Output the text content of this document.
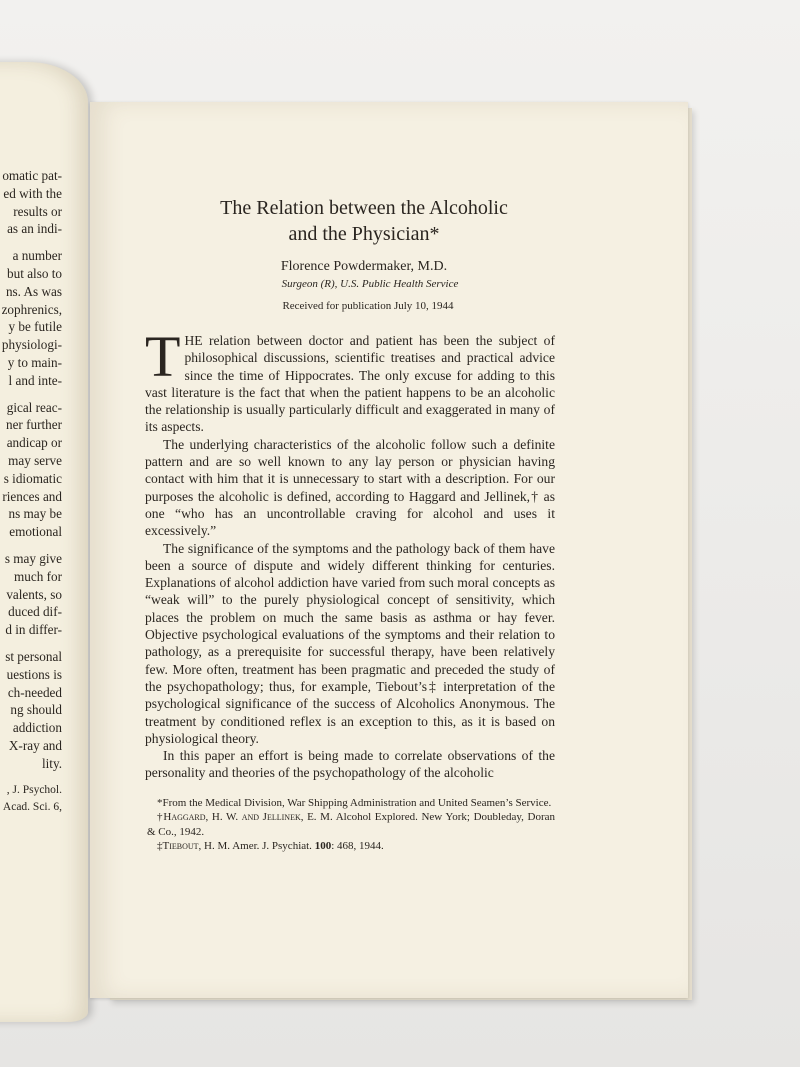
omatic pat-
ed with the
results or
as an indi-
a number
but also to
ns. As was
zophrenics,
y be futile
physiologi-
y to main-
l and inte-
gical reac-
ner further
andicap or
may serve
s idiomatic
riences and
ns may be
emotional
s may give
much for
valents, so
duced dif-
d in differ-
st personal
uestions is
ch-needed
ng should
addiction
X-ray and
lity.
, J. Psychol.
Acad. Sci. 6,
The Relation between the Alcoholic
and the Physician*
Florence Powdermaker, M.D.
Surgeon (R), U.S. Public Health Service
Received for publication July 10, 1944

THE relation between doctor and patient has been the subject of philosophical discussions, scientific treatises and practical advice since the time of Hippocrates. The only excuse for adding to this vast literature is the fact that when the patient happens to be an alcoholic the relationship is usually particularly difficult and exaggerated in many of its aspects.

The underlying characteristics of the alcoholic follow such a definite pattern and are so well known to any lay person or physician having contact with him that it is unnecessary to start with a description. For our purposes the alcoholic is defined, according to Haggard and Jellinek,† as one “who has an uncontrollable craving for alcohol and uses it excessively.”

The significance of the symptoms and the pathology back of them have been a source of dispute and widely different thinking for centuries. Explanations of alcohol addiction have varied from such moral concepts as “weak will” to the purely physiological concept of sensitivity, which places the problem on much the same basis as asthma or hay fever. Objective psychological evaluations of the symptoms and their relation to pathology, as a prerequisite for successful therapy, have been relatively few. More often, treatment has been pragmatic and preceded the study of the psychopathology; thus, for example, Tiebout’s‡ interpretation of the psychological significance of the success of Alcoholics Anonymous. The treatment by conditioned reflex is an exception to this, as it is based on physiological theory.

In this paper an effort is being made to correlate observations of the personality and theories of the psychopathology of the alcoholic

*From the Medical Division, War Shipping Administration and United Seamen’s Service.

†Haggard, H. W. and Jellinek, E. M. Alcohol Explored. New York; Doubleday, Doran & Co., 1942.

‡Tiebout, H. M. Amer. J. Psychiat. 100: 468, 1944.
